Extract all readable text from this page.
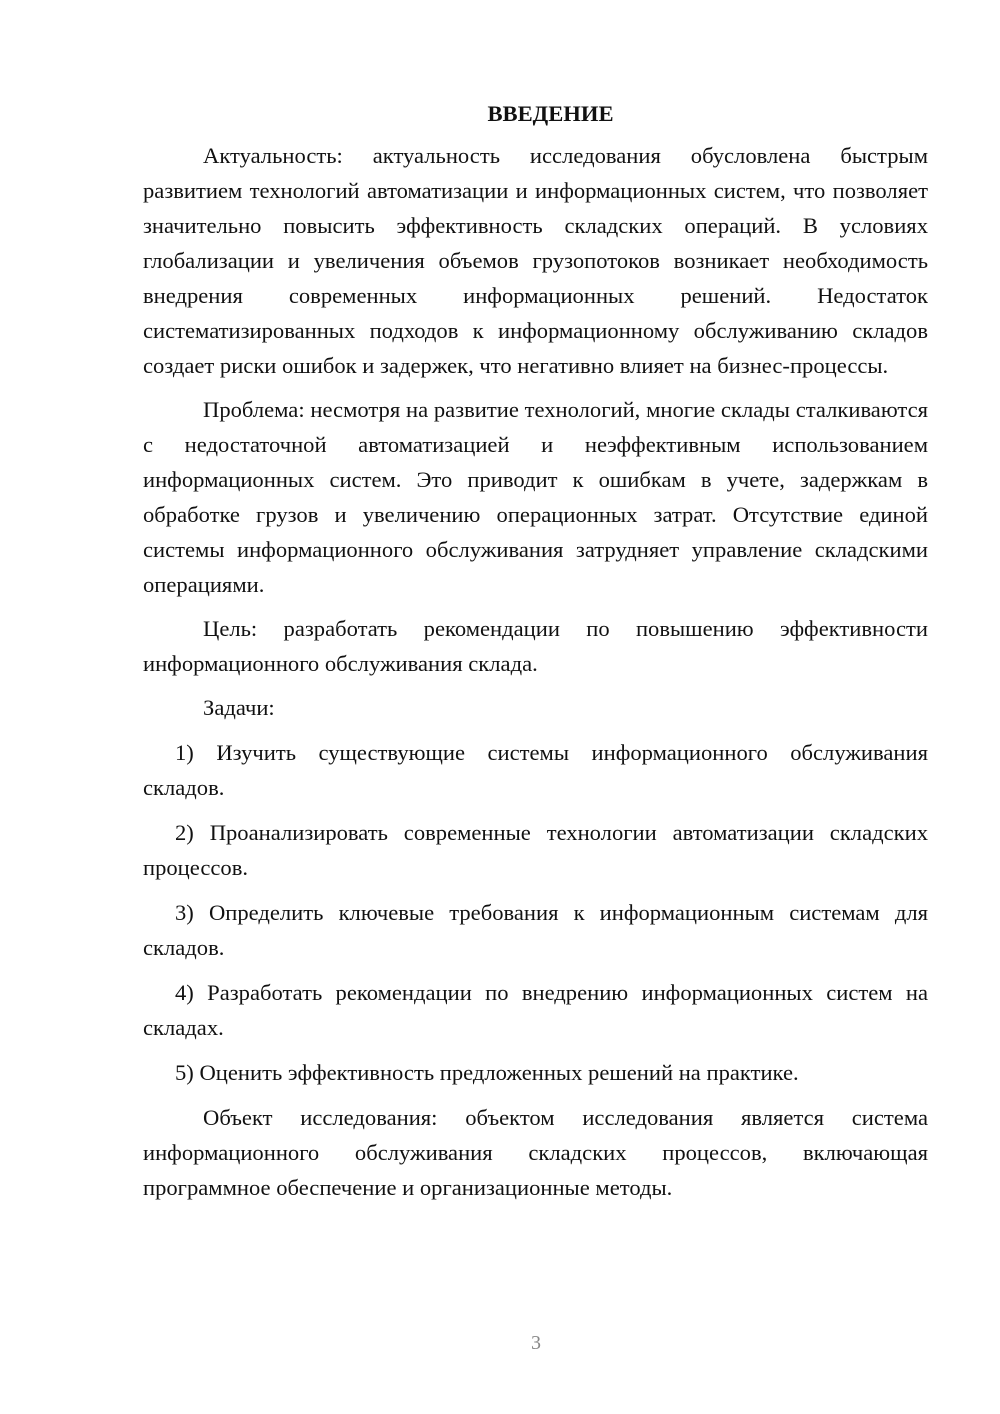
ВВЕДЕНИЕ

Актуальность: актуальность исследования обусловлена быстрым развитием технологий автоматизации и информационных систем, что позволяет значительно повысить эффективность складских операций. В условиях глобализации и увеличения объемов грузопотоков возникает необходимость внедрения современных информационных решений. Недостаток систематизированных подходов к информационному обслуживанию складов создает риски ошибок и задержек, что негативно влияет на бизнес-процессы.

Проблема: несмотря на развитие технологий, многие склады сталкиваются с недостаточной автоматизацией и неэффективным использованием информационных систем. Это приводит к ошибкам в учете, задержкам в обработке грузов и увеличению операционных затрат. Отсутствие единой системы информационного обслуживания затрудняет управление складскими операциями.

Цель: разработать рекомендации по повышению эффективности информационного обслуживания склада.

Задачи:

1) Изучить существующие системы информационного обслуживания складов.

2) Проанализировать современные технологии автоматизации складских процессов.

3) Определить ключевые требования к информационным системам для складов.

4) Разработать рекомендации по внедрению информационных систем на складах.

5) Оценить эффективность предложенных решений на практике.

Объект исследования: объектом исследования является система информационного обслуживания складских процессов, включающая программное обеспечение и организационные методы.

3
